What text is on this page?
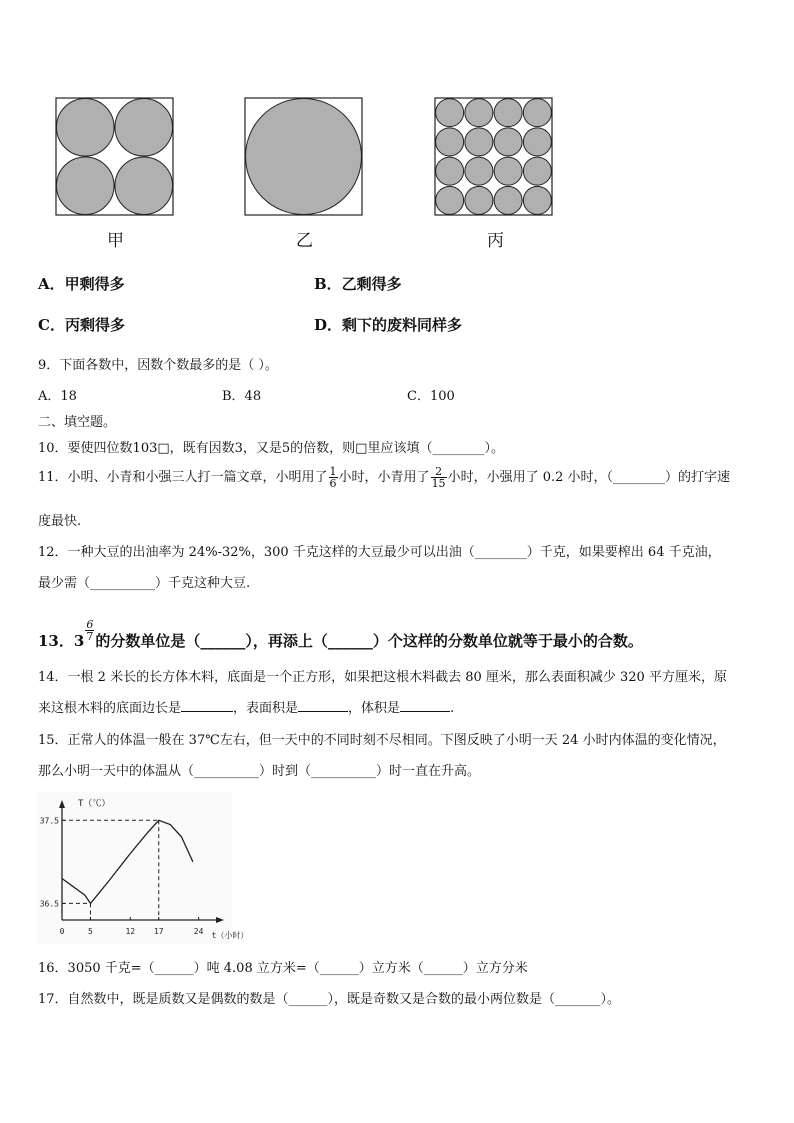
甲	乙	丙
A．甲剩得多	B．乙剩得多
C．丙剩得多	D．剩下的废料同样多
9．下面各数中，因数个数最多的是（ ）。
A．18	B．48	C．100
二、填空题。
10．要使四位数103□，既有因数3，又是5的倍数，则□里应该填（________）。
11．小明、小青和小强三人打一篇文章，小明用了 $\frac{1}{6}$ 小时，小青用了 $\frac{2}{15}$ 小时，小强用了 0.2 小时，（________）的打字速
度最快.
12．一种大豆的出油率为 24%-32%，300 千克这样的大豆最少可以出油（________）千克，如果要榨出 64 千克油，
最少需（__________）千克这种大豆.
13．$3 \frac{6}{7}$ 的分数单位是（______），再添上（______）个这样的分数单位就等于最小的合数。
14．一根 2 米长的长方体木料，底面是一个正方形，如果把这根木料截去 80 厘米，那么表面积减少 320 平方厘米，原
来这根木料的底面边长是	，表面积是	，体积是	.
15．正常人的体温一般在 37℃左右，但一天中的不同时刻不尽相同。下图反映了小明一天 24 小时内体温的变化情况，
那么小明一天中的体温从（__________）时到（__________）时一直在升高。
T（℃）
t（小时）
0	5	12 17	24
37.5
36.5
16．3050 千克=（______）吨 4.08 立方米=（______）立方米（______）立方分米
17．自然数中，既是质数又是偶数的数是（______），既是奇数又是合数的最小两位数是（_______）。
